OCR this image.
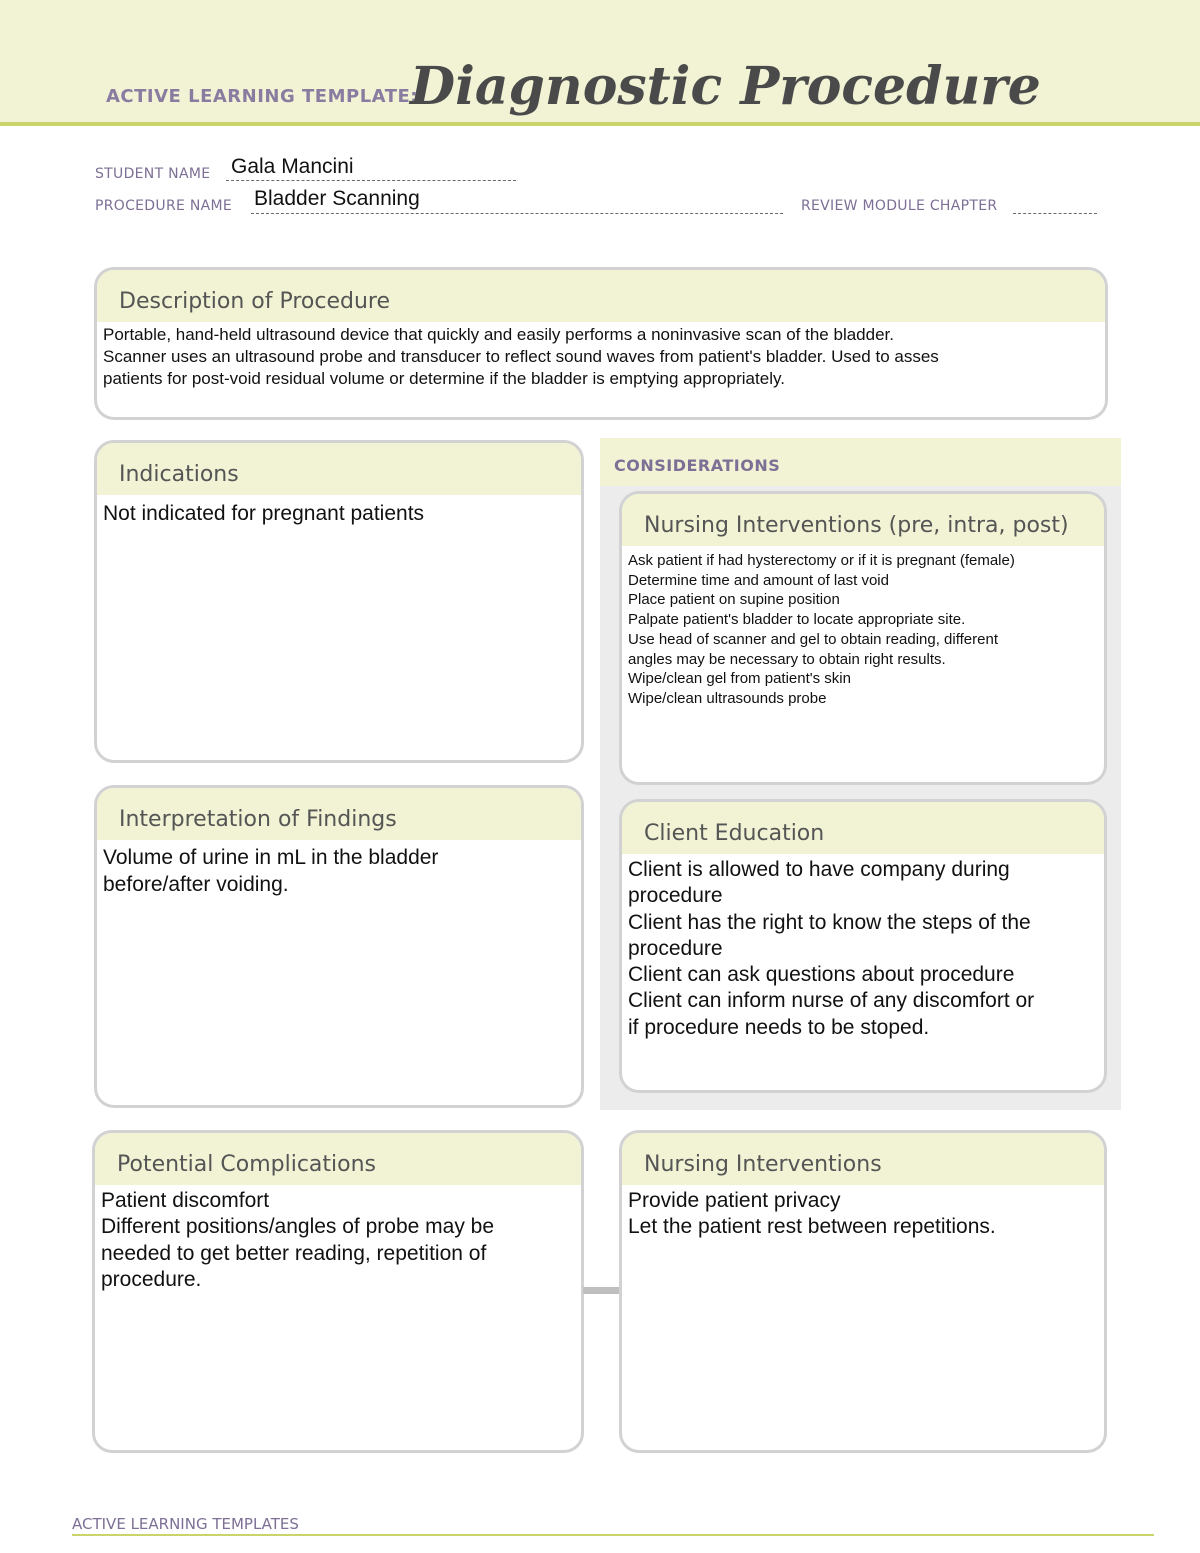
ACTIVE LEARNING TEMPLATE:
Diagnostic Procedure
STUDENT NAME Gala Mancini
PROCEDURE NAME Bladder Scanning	REVIEW MODULE CHAPTER
Description of Procedure
Portable, hand-held ultrasound device that quickly and easily performs a noninvasive scan of the bladder.
Scanner uses an ultrasound probe and transducer to reflect sound waves from patient's bladder. Used to asses
patients for post-void residual volume or determine if the bladder is emptying appropriately.
Indications
Not indicated for pregnant patients
CONSIDERATIONS
Nursing Interventions (pre, intra, post)
Ask patient if had hysterectomy or if it is pregnant (female)
Determine time and amount of last void
Place patient on supine position
Palpate patient's bladder to locate appropriate site.
Use head of scanner and gel to obtain reading, different
angles may be necessary to obtain right results.
Wipe/clean gel from patient's skin
Wipe/clean ultrasounds probe
Interpretation of Findings
Volume of urine in mL in the bladder
before/after voiding.
Client Education
Client is allowed to have company during
procedure
Client has the right to know the steps of the
procedure
Client can ask questions about procedure
Client can inform nurse of any discomfort or
if procedure needs to be stoped.
Potential Complications
Patient discomfort
Different positions/angles of probe may be
needed to get better reading, repetition of
procedure.
Nursing Interventions
Provide patient privacy
Let the patient rest between repetitions.
ACTIVE LEARNING TEMPLATES
